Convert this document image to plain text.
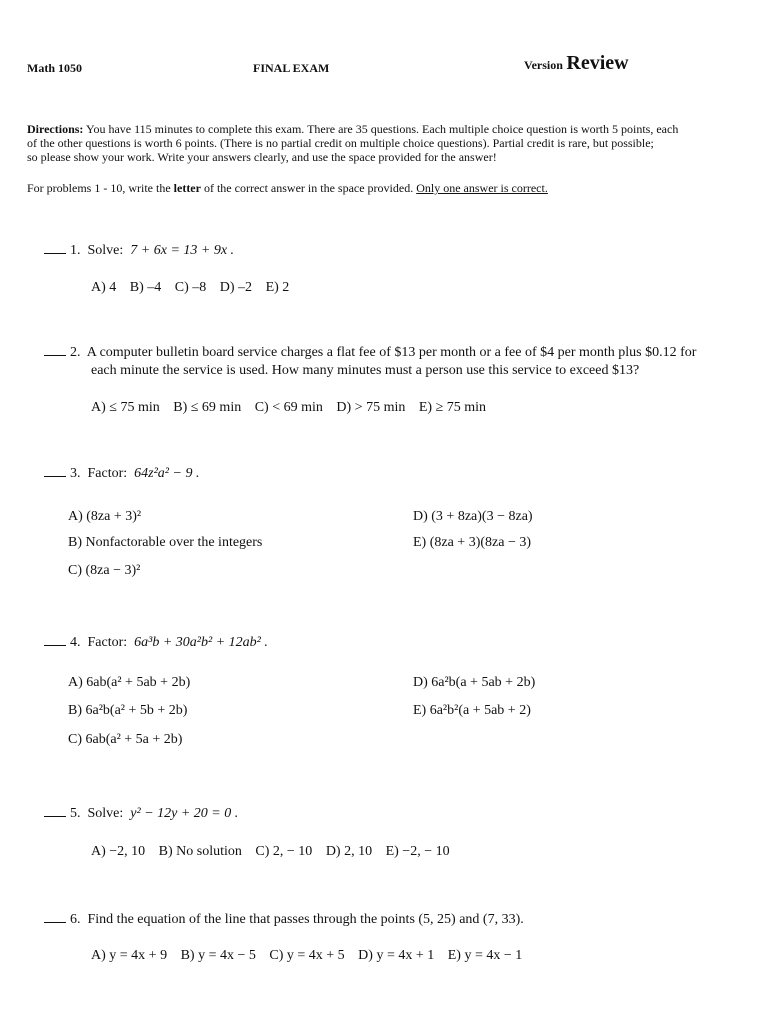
Math 1050	FINAL EXAM	Version Review
Directions: You have 115 minutes to complete this exam. There are 35 questions. Each multiple choice question is worth 5 points, each
of the other questions is worth 6 points. (There is no partial credit on multiple choice questions). Partial credit is rare, but possible;
so please show your work. Write your answers clearly, and use the space provided for the answer!
For problems 1 - 10, write the letter of the correct answer in the space provided. Only one answer is correct.
1. Solve: 7 + 6x = 13 + 9x .
A) 4 B) –4 C) –8 D) –2 E) 2
2. A computer bulletin board service charges a flat fee of $13 per month or a fee of $4 per month plus $0.12 for
each minute the service is used. How many minutes must a person use this service to exceed $13?
A) ≤ 75 min B) ≤ 69 min C) < 69 min D) > 75 min E) ≥ 75 min
3. Factor: 64z²a² − 9 .
A) (8za + 3)²
B) Nonfactorable over the integers
C) (8za − 3)²
D) (3 + 8za)(3 − 8za)
E) (8za + 3)(8za − 3)
4. Factor: 6a³b + 30a²b² + 12ab² .
A) 6ab(a² + 5ab + 2b)
B) 6a²b(a² + 5b + 2b)
C) 6ab(a² + 5a + 2b)
D) 6a²b(a + 5ab + 2b)
E) 6a²b²(a + 5ab + 2)
5. Solve: y² − 12y + 20 = 0 .
A) −2, 10 B) No solution C) 2, − 10 D) 2, 10 E) −2, − 10
6. Find the equation of the line that passes through the points (5, 25) and (7, 33).
A) y = 4x + 9 B) y = 4x − 5 C) y = 4x + 5 D) y = 4x + 1 E) y = 4x − 1
